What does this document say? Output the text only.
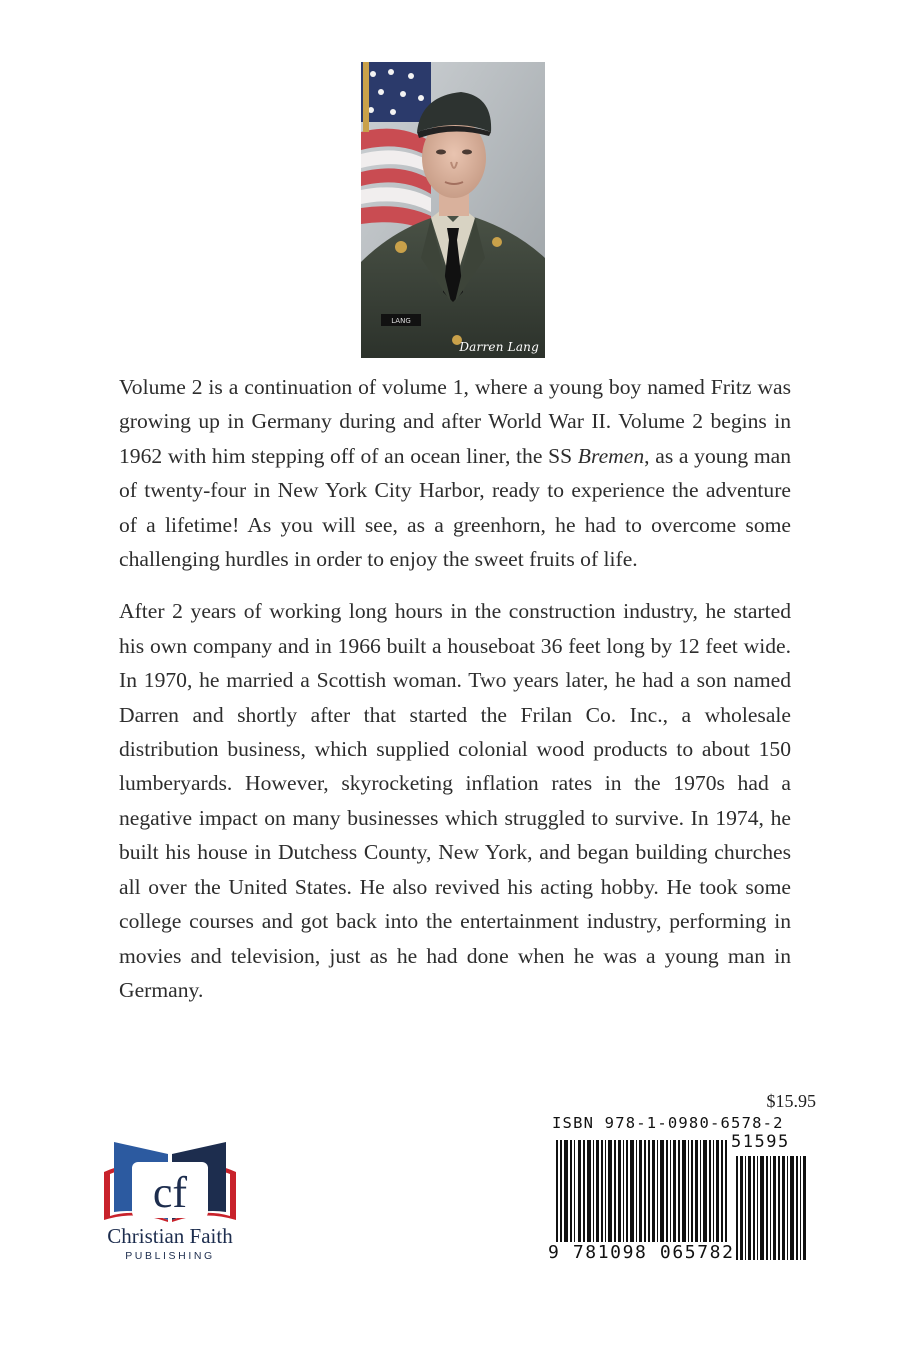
LANG
Darren Lang

Volume 2 is a continuation of volume 1, where a young boy named Fritz was growing up in Germany during and after World War II. Volume 2 begins in 1962 with him stepping off of an ocean liner, the SS Bremen, as a young man of twenty-four in New York City Harbor, ready to experience the adventure of a lifetime! As you will see, as a greenhorn, he had to overcome some challenging hurdles in order to enjoy the sweet fruits of life.

After 2 years of working long hours in the construction industry, he started his own company and in 1966 built a houseboat 36 feet long by 12 feet wide. In 1970, he married a Scottish woman. Two years later, he had a son named Darren and shortly after that started the Frilan Co. Inc., a wholesale distribution business, which supplied colonial wood products to about 150 lumberyards. However, skyrocketing inflation rates in the 1970s had a negative impact on many businesses which struggled to survive. In 1974, he built his house in Dutchess County, New York, and began building churches all over the United States. He also revived his acting hobby. He took some college courses and got back into the entertainment industry, performing in movies and television, just as he had done when he was a young man in Germany.

$15.95
ISBN 978-1-0980-6578-2
51595
9 781098 065782
cf
Christian Faith
PUBLISHING
